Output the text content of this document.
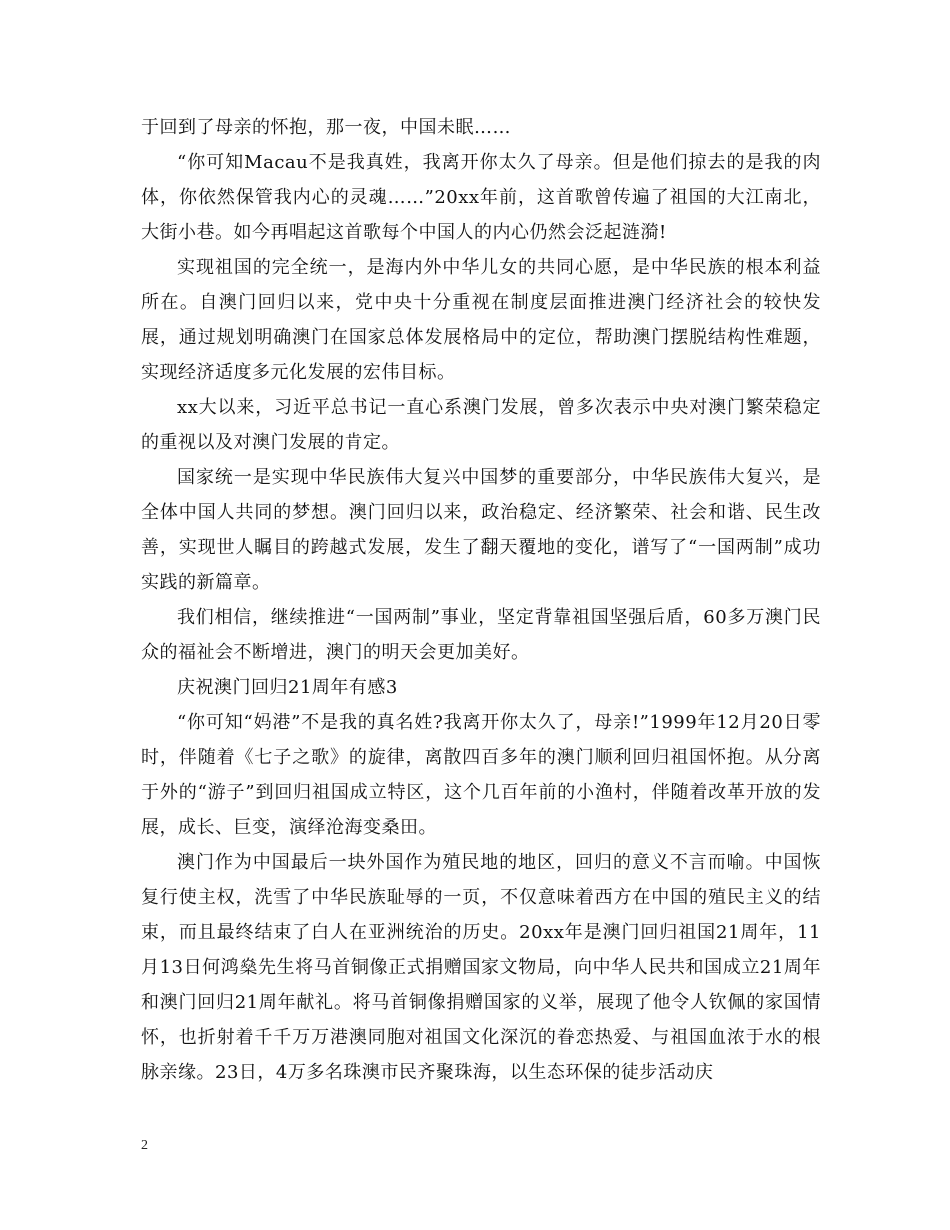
于回到了母亲的怀抱，那一夜，中国未眠……

“你可知Macau不是我真姓，我离开你太久了母亲。但是他们掠去的是我的肉体，你依然保管我内心的灵魂……”20xx年前，这首歌曾传遍了祖国的大江南北，大街小巷。如今再唱起这首歌每个中国人的内心仍然会泛起涟漪!

实现祖国的完全统一，是海内外中华儿女的共同心愿，是中华民族的根本利益所在。自澳门回归以来，党中央十分重视在制度层面推进澳门经济社会的较快发展，通过规划明确澳门在国家总体发展格局中的定位，帮助澳门摆脱结构性难题，实现经济适度多元化发展的宏伟目标。

xx大以来，习近平总书记一直心系澳门发展，曾多次表示中央对澳门繁荣稳定的重视以及对澳门发展的肯定。

国家统一是实现中华民族伟大复兴中国梦的重要部分，中华民族伟大复兴，是全体中国人共同的梦想。澳门回归以来，政治稳定、经济繁荣、社会和谐、民生改善，实现世人瞩目的跨越式发展，发生了翻天覆地的变化，谱写了“一国两制”成功实践的新篇章。

我们相信，继续推进“一国两制”事业，坚定背靠祖国坚强后盾，60多万澳门民众的福祉会不断增进，澳门的明天会更加美好。

庆祝澳门回归21周年有感3

“你可知“妈港”不是我的真名姓?我离开你太久了，母亲!”1999年12月20日零时，伴随着《七子之歌》的旋律，离散四百多年的澳门顺利回归祖国怀抱。从分离于外的“游子”到回归祖国成立特区，这个几百年前的小渔村，伴随着改革开放的发展，成长、巨变，演绎沧海变桑田。

澳门作为中国最后一块外国作为殖民地的地区，回归的意义不言而喻。中国恢复行使主权，洗雪了中华民族耻辱的一页，不仅意味着西方在中国的殖民主义的结束，而且最终结束了白人在亚洲统治的历史。20xx年是澳门回归祖国21周年，11月13日何鸿燊先生将马首铜像正式捐赠国家文物局，向中华人民共和国成立21周年和澳门回归21周年献礼。将马首铜像捐赠国家的义举，展现了他令人钦佩的家国情怀，也折射着千千万万港澳同胞对祖国文化深沉的眷恋热爱、与祖国血浓于水的根脉亲缘。23日，4万多名珠澳市民齐聚珠海，以生态环保的徒步活动庆

2
